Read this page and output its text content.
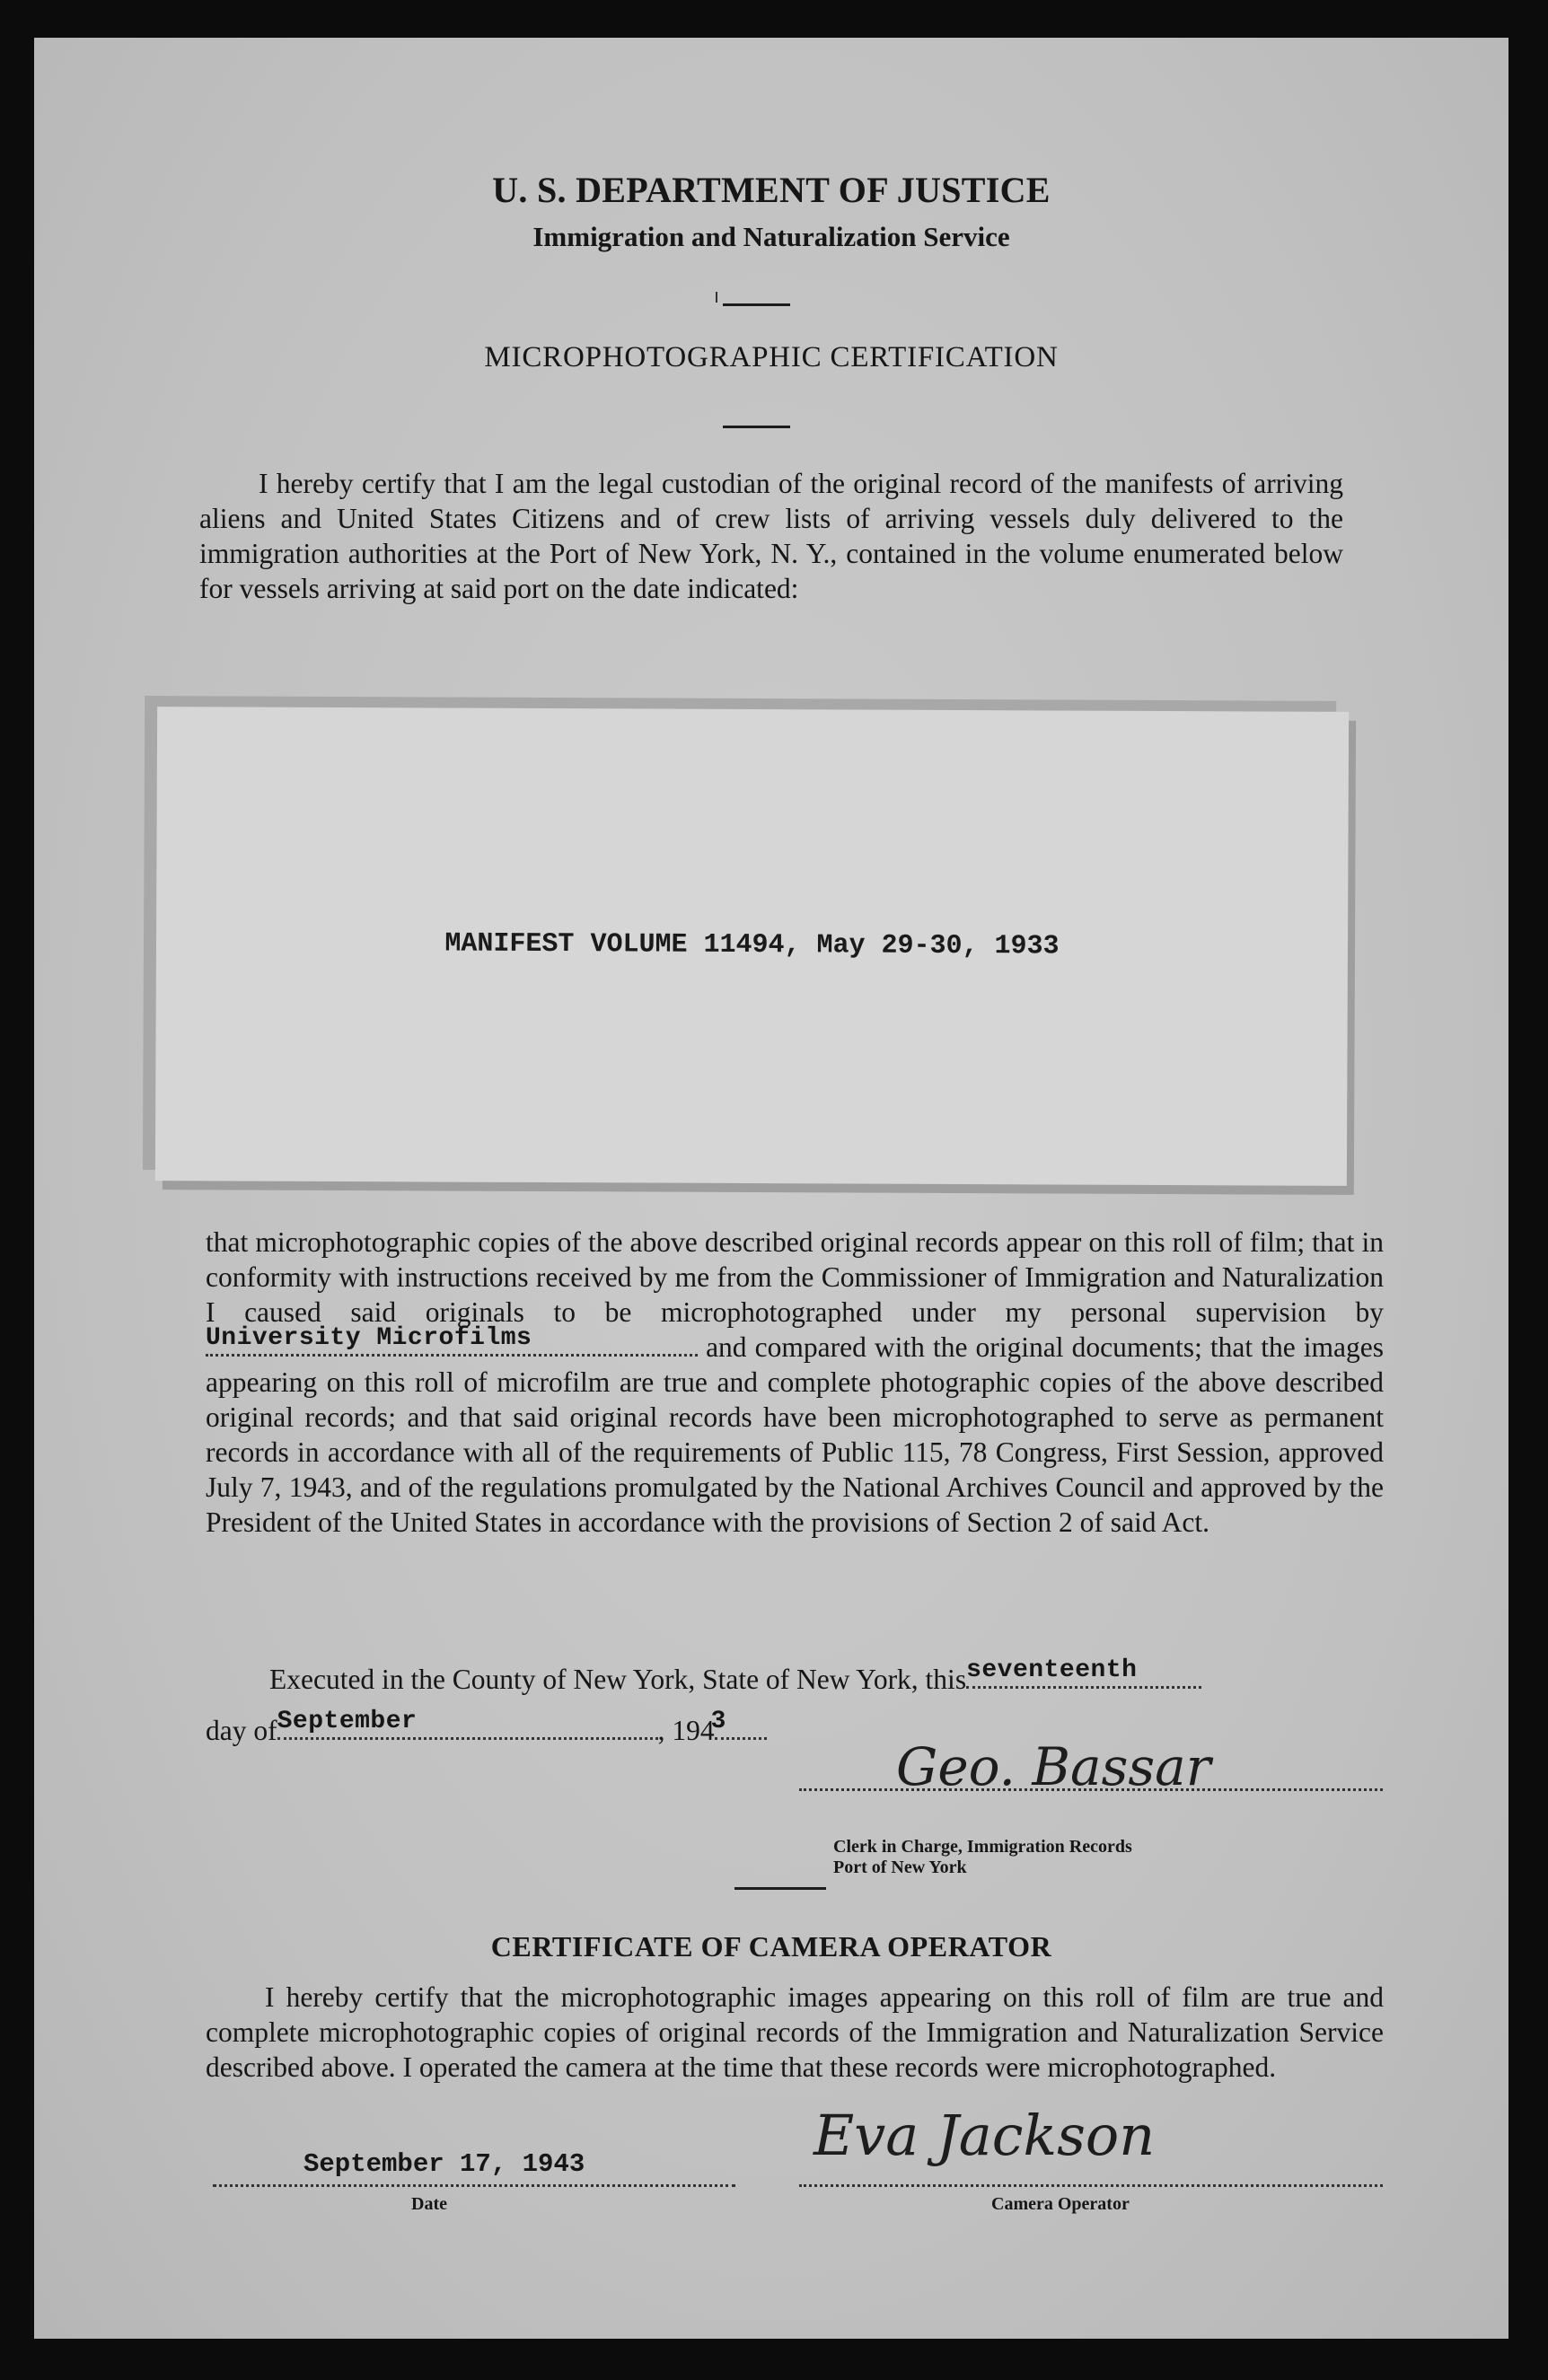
U. S. DEPARTMENT OF JUSTICE
Immigration and Naturalization Service
MICROPHOTOGRAPHIC CERTIFICATION
I hereby certify that I am the legal custodian of the original record of the manifests of arriving aliens and United States Citizens and of crew lists of arriving vessels duly delivered to the immigration authorities at the Port of New York, N. Y., contained in the volume enumerated below for vessels arriving at said port on the date indicated:
MANIFEST VOLUME 11494, May 29-30, 1933
that microphotographic copies of the above described original records appear on this roll of film; that in conformity with instructions received by me from the Commissioner of Immigration and Naturalization I caused said originals to be microphotographed under my personal supervision by
University Microfilms	and compared with the original documents; that the images appearing on this roll of microfilm are true and complete photographic copies of the above described original records; and that said original records have been microphotographed to serve as permanent records in accordance with all of the requirements of Public 115, 78 Congress, First Session, approved July 7, 1943, and of the regulations promulgated by the National Archives Council and approved by the President of the United States in accordance with the provisions of Section 2 of said Act.
Executed in the County of New York, State of New York, this seventeenth
day of September	, 194
3
Geo. Bassar
Clerk in Charge, Immigration Records
Port of New York
CERTIFICATE OF CAMERA OPERATOR
I hereby certify that the microphotographic images appearing on this roll of film are true and complete microphotographic copies of original records of the Immigration and Naturalization Service described above. I operated the camera at the time that these records were microphotographed.
September 17, 1943
Date
Eva Jackson
Camera Operator
